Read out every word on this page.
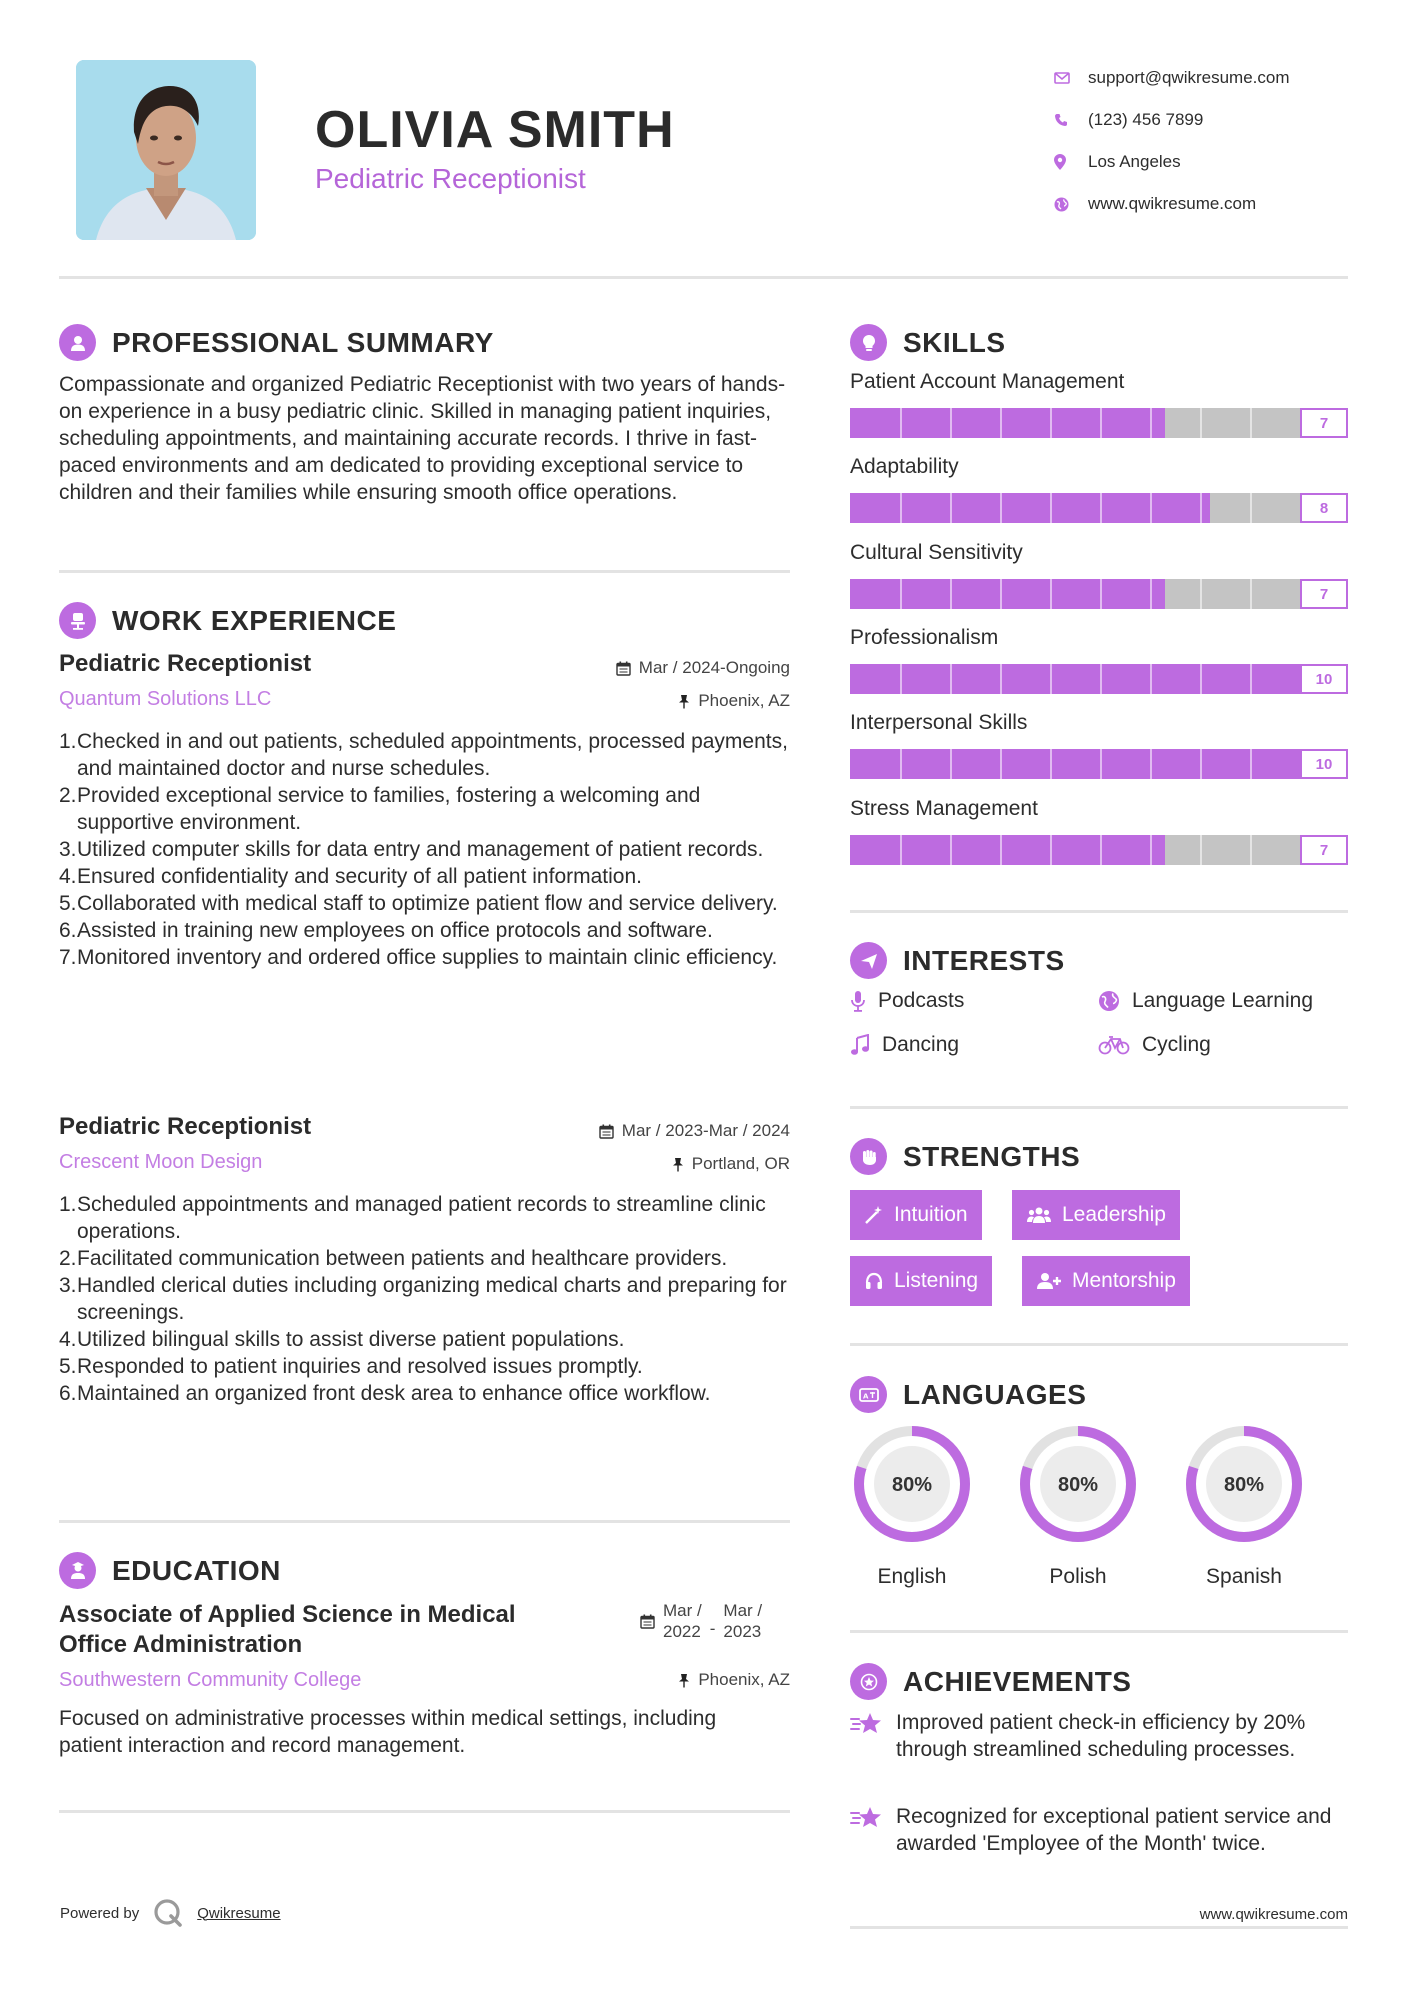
OLIVIA SMITH
Pediatric Receptionist
support@qwikresume.com
(123) 456 7899
Los Angeles
www.qwikresume.com
PROFESSIONAL SUMMARY
Compassionate and organized Pediatric Receptionist with two years of hands-on experience in a busy pediatric clinic. Skilled in managing patient inquiries, scheduling appointments, and maintaining accurate records. I thrive in fast-paced environments and am dedicated to providing exceptional service to children and their families while ensuring smooth office operations.
WORK EXPERIENCE
Pediatric Receptionist
Quantum Solutions LLC
Mar / 2024-Ongoing
Phoenix, AZ
1. Checked in and out patients, scheduled appointments, processed payments, and maintained doctor and nurse schedules.
2. Provided exceptional service to families, fostering a welcoming and supportive environment.
3. Utilized computer skills for data entry and management of patient records.
4. Ensured confidentiality and security of all patient information.
5. Collaborated with medical staff to optimize patient flow and service delivery.
6. Assisted in training new employees on office protocols and software.
7. Monitored inventory and ordered office supplies to maintain clinic efficiency.
Pediatric Receptionist
Crescent Moon Design
Mar / 2023-Mar / 2024
Portland, OR
1. Scheduled appointments and managed patient records to streamline clinic operations.
2. Facilitated communication between patients and healthcare providers.
3. Handled clerical duties including organizing medical charts and preparing for screenings.
4. Utilized bilingual skills to assist diverse patient populations.
5. Responded to patient inquiries and resolved issues promptly.
6. Maintained an organized front desk area to enhance office workflow.
EDUCATION
Associate of Applied Science in Medical
Office Administration
Mar /
2022 -
Mar /
2023
Southwestern Community College	Phoenix, AZ
Focused on administrative processes within medical settings, including patient interaction and record management.
SKILLS
Patient Account Management
7
Adaptability
8
Cultural Sensitivity
7
Professionalism
10
Interpersonal Skills
10
Stress Management
7
INTERESTS
Podcasts	Language Learning
Dancing	Cycling
STRENGTHS
Intuition	Leadership
Listening	Mentorship
A LANGUAGES
80%
English
80%
Polish
80%
Spanish
ACHIEVEMENTS
Improved patient check-in efficiency by 20% through streamlined scheduling processes.
Recognized for exceptional patient service and awarded 'Employee of the Month' twice.
Powered by	Qwikresume	www.qwikresume.com
